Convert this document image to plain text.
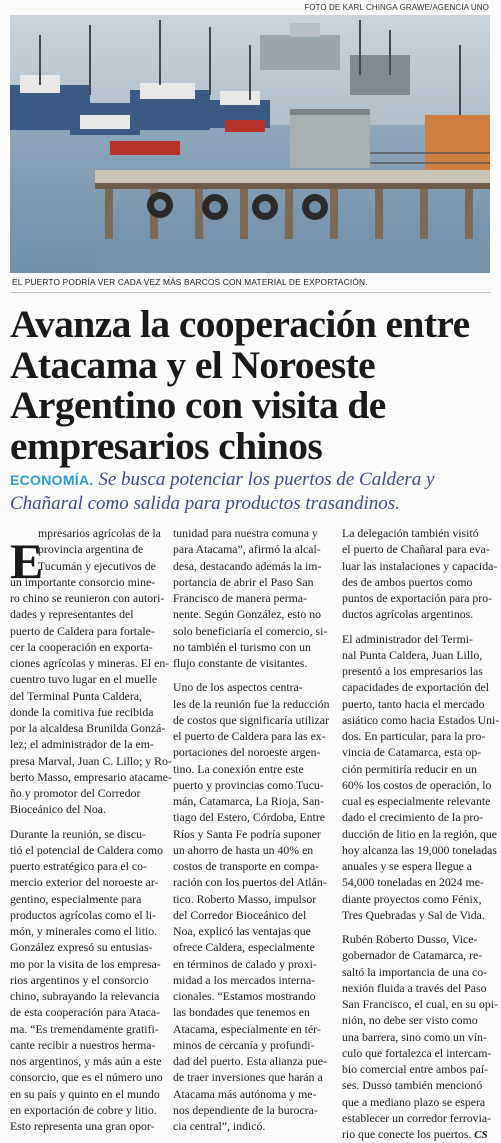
FOTO DE KARL CHINGA GRAWE/AGENCIA UNO
EL PUERTO PODRÍA VER CADA VEZ MÁS BARCOS CON MATERIAL DE EXPORTACIÓN.
Avanza la cooperación entre
Atacama y el Noroeste
Argentino con visita de
empresarios chinos
ECONOMÍA. Se busca potenciar los puertos de Caldera y
Chañaral como salida para productos trasandinos.
E
mpresarios agrícolas de la
provincia argentina de
Tucumán y ejecutivos de
un importante consorcio mine-
ro chino se reunieron con autori-
dades y representantes del
puerto de Caldera para fortale-
cer la cooperación en exporta-
ciones agrícolas y mineras. El en-
cuentro tuvo lugar en el muelle
del Terminal Punta Caldera,
donde la comitiva fue recibida
por la alcaldesa Brunilda Gonzá-
lez; el administrador de la em-
presa Marval, Juan C. Lillo; y Ro-
berto Masso, empresario atacame-
ño y promotor del Corredor
Bioceánico del Noa.
Durante la reunión, se discu-
tió el potencial de Caldera como
puerto estratégico para el co-
mercio exterior del noroeste ar-
gentino, especialmente para
productos agrícolas como el li-
món, y minerales como el litio.
González expresó su entusias-
mo por la visita de los empresa-
rios argentinos y el consorcio
chino, subrayando la relevancia
de esta cooperación para Ataca-
ma. “Es tremendamente gratifi-
cante recibir a nuestros herma-
nos argentinos, y más aún a este
consorcio, que es el número uno
en su país y quinto en el mundo
en exportación de cobre y litio.
Esto representa una gran opor-
tunidad para nuestra comuna y
para Atacama”, afirmó la alcal-
desa, destacando además la im-
portancia de abrir el Paso San
Francisco de manera perma-
nente. Según González, esto no
solo beneficiaría el comercio, si-
no también el turismo con un
flujo constante de visitantes.
Uno de los aspectos centra-
les de la reunión fue la reducción
de costos que significaría utilizar
el puerto de Caldera para las ex-
portaciones del noroeste argen-
tino. La conexión entre este
puerto y provincias como Tucu-
mán, Catamarca, La Rioja, San-
tiago del Estero, Córdoba, Entre
Ríos y Santa Fe podría suponer
un ahorro de hasta un 40% en
costos de transporte en compa-
ración con los puertos del Atlán-
tico. Roberto Masso, impulsor
del Corredor Bioceánico del
Noa, explicó las ventajas que
ofrece Caldera, especialmente
en términos de calado y proxi-
midad a los mercados interna-
cionales. “Estamos mostrando
las bondades que tenemos en
Atacama, especialmente en tér-
minos de cercanía y profundi-
dad del puerto. Esta alianza pue-
de traer inversiones que harán a
Atacama más autónoma y me-
nos dependiente de la burocra-
cia central”, indicó.
La delegación también visitó
el puerto de Chañaral para eva-
luar las instalaciones y capacida-
des de ambos puertos como
puntos de exportación para pro-
ductos agrícolas argentinos.
El administrador del Termi-
nal Punta Caldera, Juan Lillo,
presentó a los empresarios las
capacidades de exportación del
puerto, tanto hacia el mercado
asiático como hacia Estados Uni-
dos. En particular, para la pro-
vincia de Catamarca, esta op-
ción permitiría reducir en un
60% los costos de operación, lo
cual es especialmente relevante
dado el crecimiento de la pro-
ducción de litio en la región, que
hoy alcanza las 19,000 toneladas
anuales y se espera llegue a
54,000 toneladas en 2024 me-
diante proyectos como Fénix,
Tres Quebradas y Sal de Vida.
Rubén Roberto Dusso, Vice-
gobernador de Catamarca, re-
saltó la importancia de una co-
nexión fluida a través del Paso
San Francisco, el cual, en su opi-
nión, no debe ser visto como
una barrera, sino como un vín-
culo que fortalezca el intercam-
bio comercial entre ambos paí-
ses. Dusso también mencionó
que a mediano plazo se espera
establecer un corredor ferrovia-
rio que conecte los puertos. CS
